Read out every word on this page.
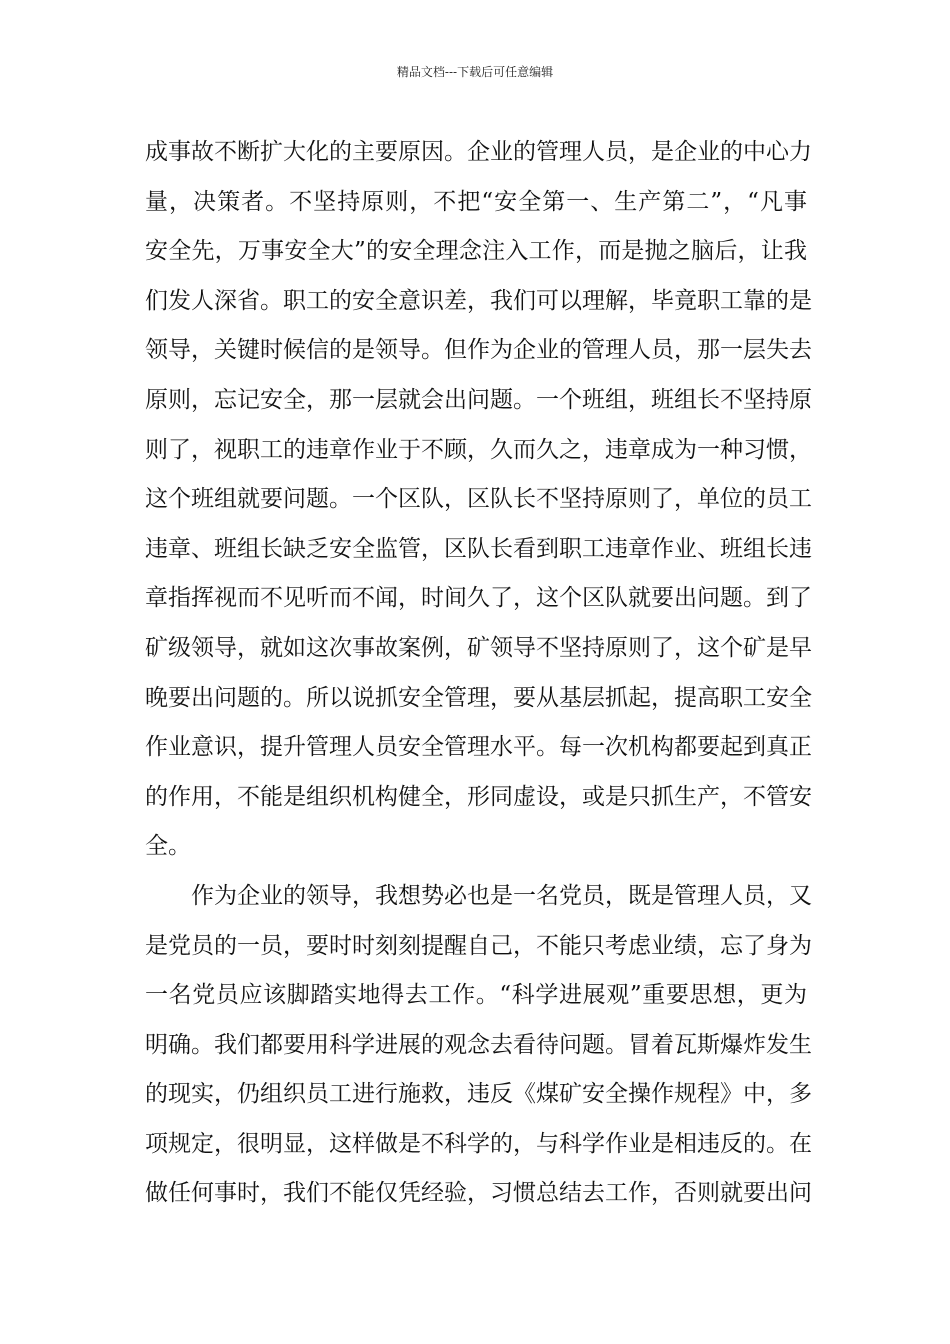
精品文档---下载后可任意编辑
成事故不断扩大化的主要原因。企业的管理人员，是企业的中心力
量，决策者。不坚持原则，不把“安全第一、生产第二”，“凡事
安全先，万事安全大”的安全理念注入工作，而是抛之脑后，让我
们发人深省。职工的安全意识差，我们可以理解，毕竟职工靠的是
领导，关键时候信的是领导。但作为企业的管理人员，那一层失去
原则，忘记安全，那一层就会出问题。一个班组，班组长不坚持原
则了，视职工的违章作业于不顾，久而久之，违章成为一种习惯，
这个班组就要问题。一个区队，区队长不坚持原则了，单位的员工
违章、班组长缺乏安全监管，区队长看到职工违章作业、班组长违
章指挥视而不见听而不闻，时间久了，这个区队就要出问题。到了
矿级领导，就如这次事故案例，矿领导不坚持原则了，这个矿是早
晚要出问题的。所以说抓安全管理，要从基层抓起，提高职工安全
作业意识，提升管理人员安全管理水平。每一次机构都要起到真正
的作用，不能是组织机构健全，形同虚设，或是只抓生产，不管安
全。
作为企业的领导，我想势必也是一名党员，既是管理人员，又
是党员的一员，要时时刻刻提醒自己，不能只考虑业绩，忘了身为
一名党员应该脚踏实地得去工作。“科学进展观”重要思想，更为
明确。我们都要用科学进展的观念去看待问题。冒着瓦斯爆炸发生
的现实，仍组织员工进行施救，违反《煤矿安全操作规程》中，多
项规定，很明显，这样做是不科学的，与科学作业是相违反的。在
做任何事时，我们不能仅凭经验，习惯总结去工作，否则就要出问
